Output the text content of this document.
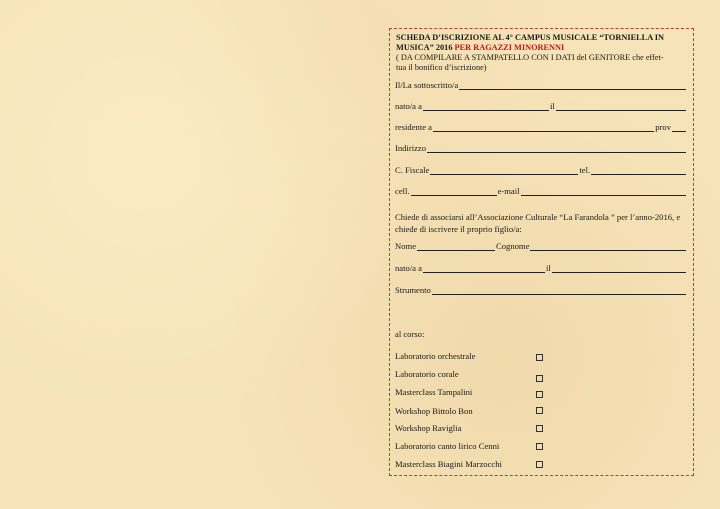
SCHEDA D’ISCRIZIONE AL 4° CAMPUS MUSICALE “TORNIELLA IN
MUSICA” 2016 PER RAGAZZI MINORENNI
( DA COMPILARE A STAMPATELLO CON I DATI del GENITORE che effet-
tua il bonifico d’iscrizione)
Il/La sottoscritto/a
nato/a a	il
residente a	prov
Indirizzo
C. Fiscale	tel.
cell.	e-mail
Chiede di associarsi all’Associazione Culturale “La Farandola ” per l’anno-2016, e chiede di iscrivere il proprio figlio/a:
Nome	Cognome
nato/a a	il
Strumento
al corso:
Laboratorio orchestrale
Laboratorio corale
Masterclass Tampalini
Workshop Bittolo Bon
Workshop Raviglia
Laboratorio canto lirico Cenni
Masterclass Biagini Marzocchi
